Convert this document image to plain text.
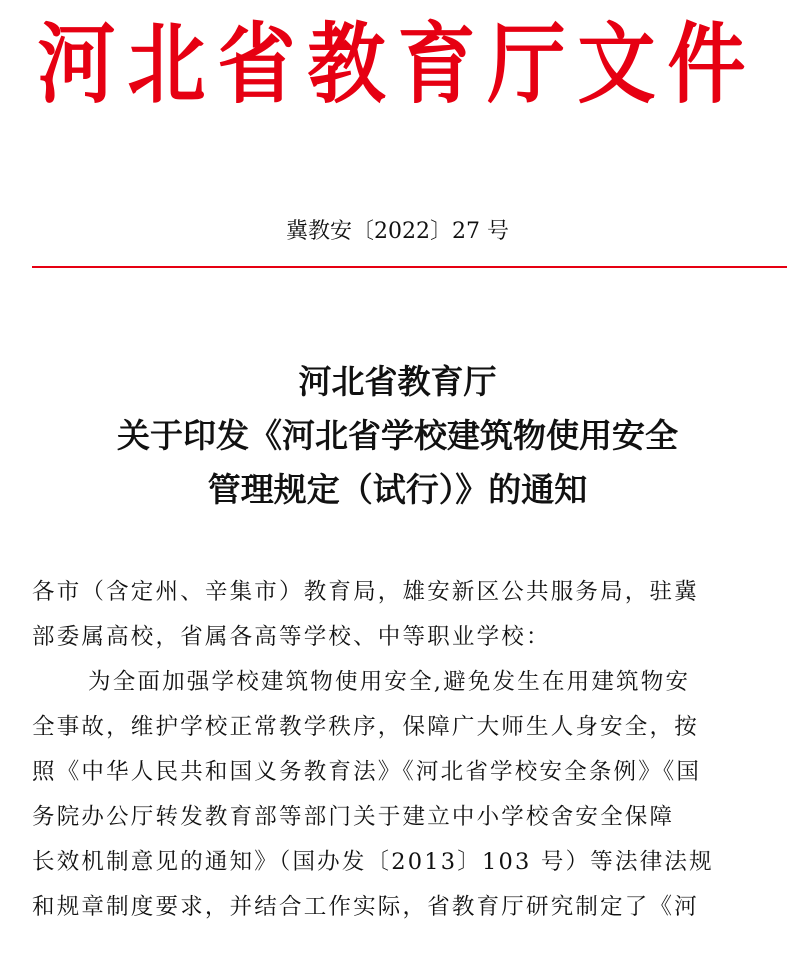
河北省教育厅文件
冀教安〔2022〕27 号
河北省教育厅
关于印发《河北省学校建筑物使用安全
管理规定（试行）》的通知
各市（含定州、辛集市）教育局，雄安新区公共服务局，驻冀
部委属高校，省属各高等学校、中等职业学校：
为全面加强学校建筑物使用安全,避免发生在用建筑物安
全事故，维护学校正常教学秩序，保障广大师生人身安全，按
照《中华人民共和国义务教育法》《河北省学校安全条例》《国
务院办公厅转发教育部等部门关于建立中小学校舍安全保障
长效机制意见的通知》（国办发〔2013〕103 号）等法律法规
和规章制度要求，并结合工作实际，省教育厅研究制定了《河
